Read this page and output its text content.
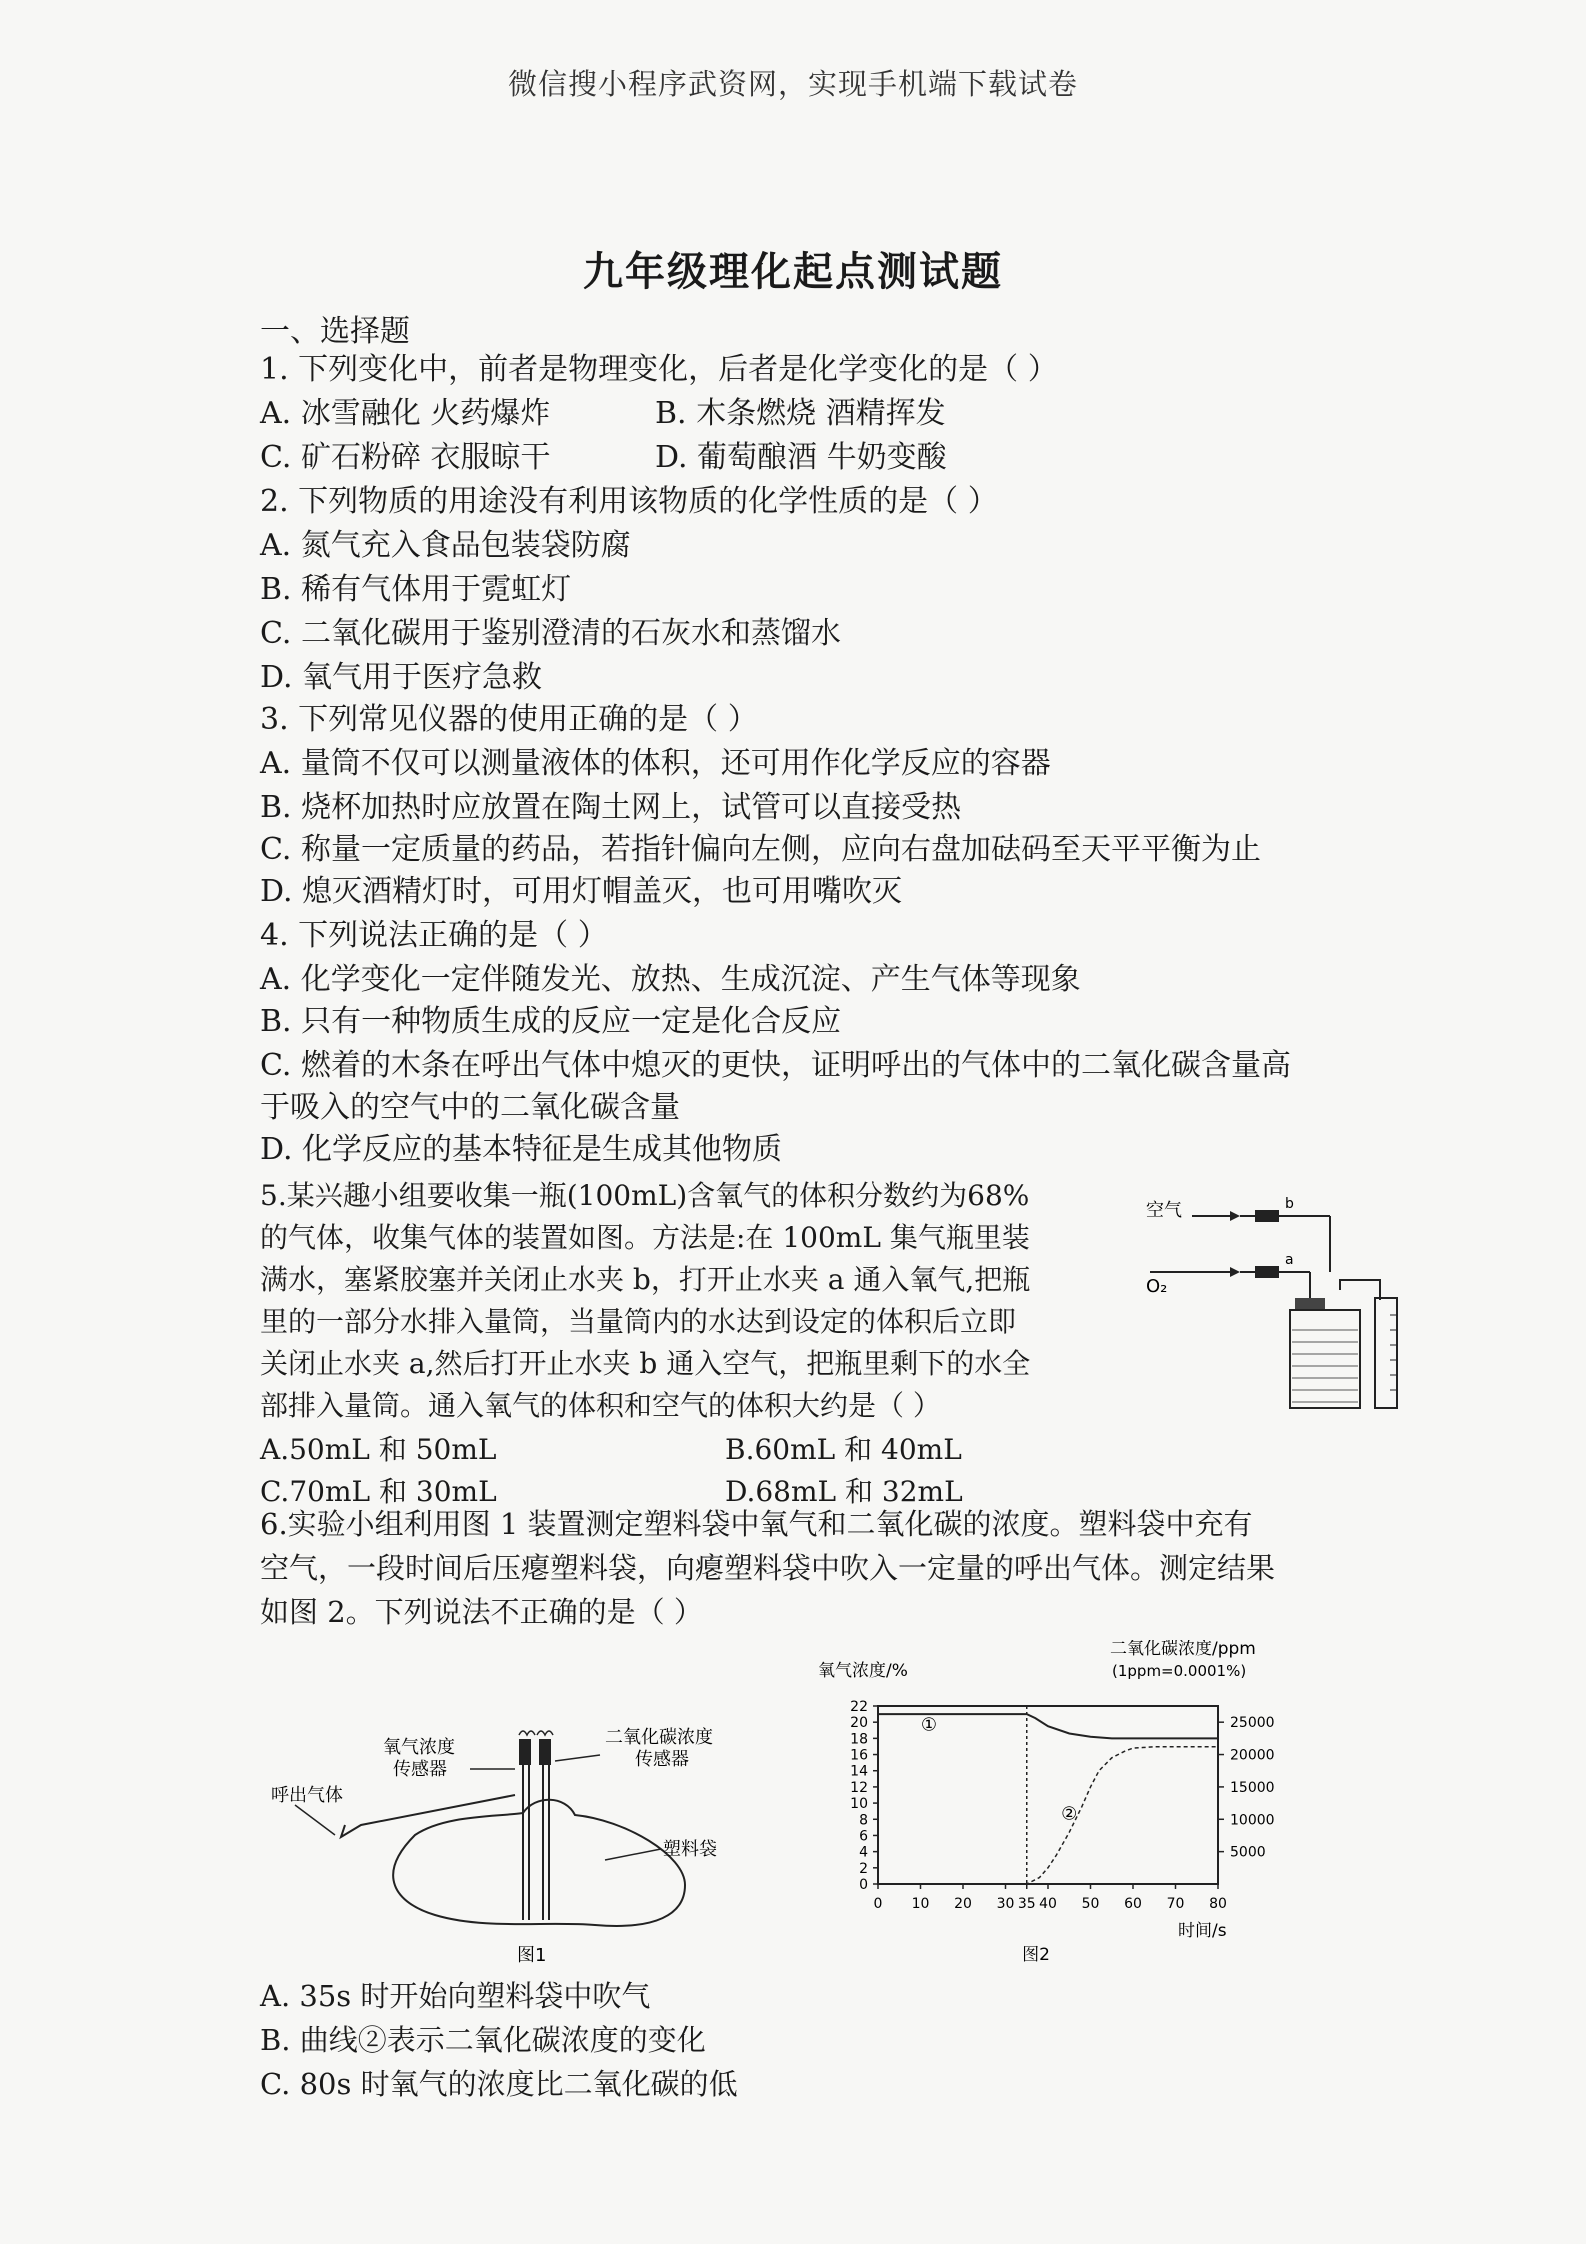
微信搜小程序武资网，实现手机端下载试卷
九年级理化起点测试题
一、选择题
1. 下列变化中，前者是物理变化，后者是化学变化的是（ ）
A. 冰雪融化 火药爆炸	B. 木条燃烧 酒精挥发
C. 矿石粉碎 衣服晾干	D. 葡萄酿酒 牛奶变酸
2. 下列物质的用途没有利用该物质的化学性质的是（ ）
A. 氮气充入食品包装袋防腐
B. 稀有气体用于霓虹灯
C. 二氧化碳用于鉴别澄清的石灰水和蒸馏水
D. 氧气用于医疗急救
3. 下列常见仪器的使用正确的是（ ）
A. 量筒不仅可以测量液体的体积，还可用作化学反应的容器
B. 烧杯加热时应放置在陶土网上，试管可以直接受热
C. 称量一定质量的药品，若指针偏向左侧，应向右盘加砝码至天平平衡为止
D. 熄灭酒精灯时，可用灯帽盖灭，也可用嘴吹灭
4. 下列说法正确的是（ ）
A. 化学变化一定伴随发光、放热、生成沉淀、产生气体等现象
B. 只有一种物质生成的反应一定是化合反应
C. 燃着的木条在呼出气体中熄灭的更快，证明呼出的气体中的二氧化碳含量高
于吸入的空气中的二氧化碳含量
D. 化学反应的基本特征是生成其他物质
5.某兴趣小组要收集一瓶(100mL)含氧气的体积分数约为68%
的气体，收集气体的装置如图。方法是:在 100mL 集气瓶里装
满水，塞紧胶塞并关闭止水夹 b，打开止水夹 a 通入氧气,把瓶
里的一部分水排入量筒，当量筒内的水达到设定的体积后立即
关闭止水夹 a,然后打开止水夹 b 通入空气，把瓶里剩下的水全
部排入量筒。通入氧气的体积和空气的体积大约是（ ）
A.50mL 和 50mL	B.60mL 和 40mL
C.70mL 和 30mL	D.68mL 和 32mL
空气	b
O₂
a
6.实验小组利用图 1 装置测定塑料袋中氧气和二氧化碳的浓度。塑料袋中充有
空气，一段时间后压瘪塑料袋，向瘪塑料袋中吹入一定量的呼出气体。测定结果
如图 2。下列说法不正确的是（ ）
氧气浓度
传感器
二氧化碳浓度
传感器
呼出气体
塑料袋
图1
氧气浓度/%
二氧化碳浓度/ppm
(1ppm=0.0001%)
0
2
4
6
8
10
12
14
16
18
20
22
5000
10000
15000
20000
25000
0 10 20 30 35 40 50 60 70 80
①
②
时间/s
图2
A. 35s 时开始向塑料袋中吹气
B. 曲线②表示二氧化碳浓度的变化
C. 80s 时氧气的浓度比二氧化碳的低
